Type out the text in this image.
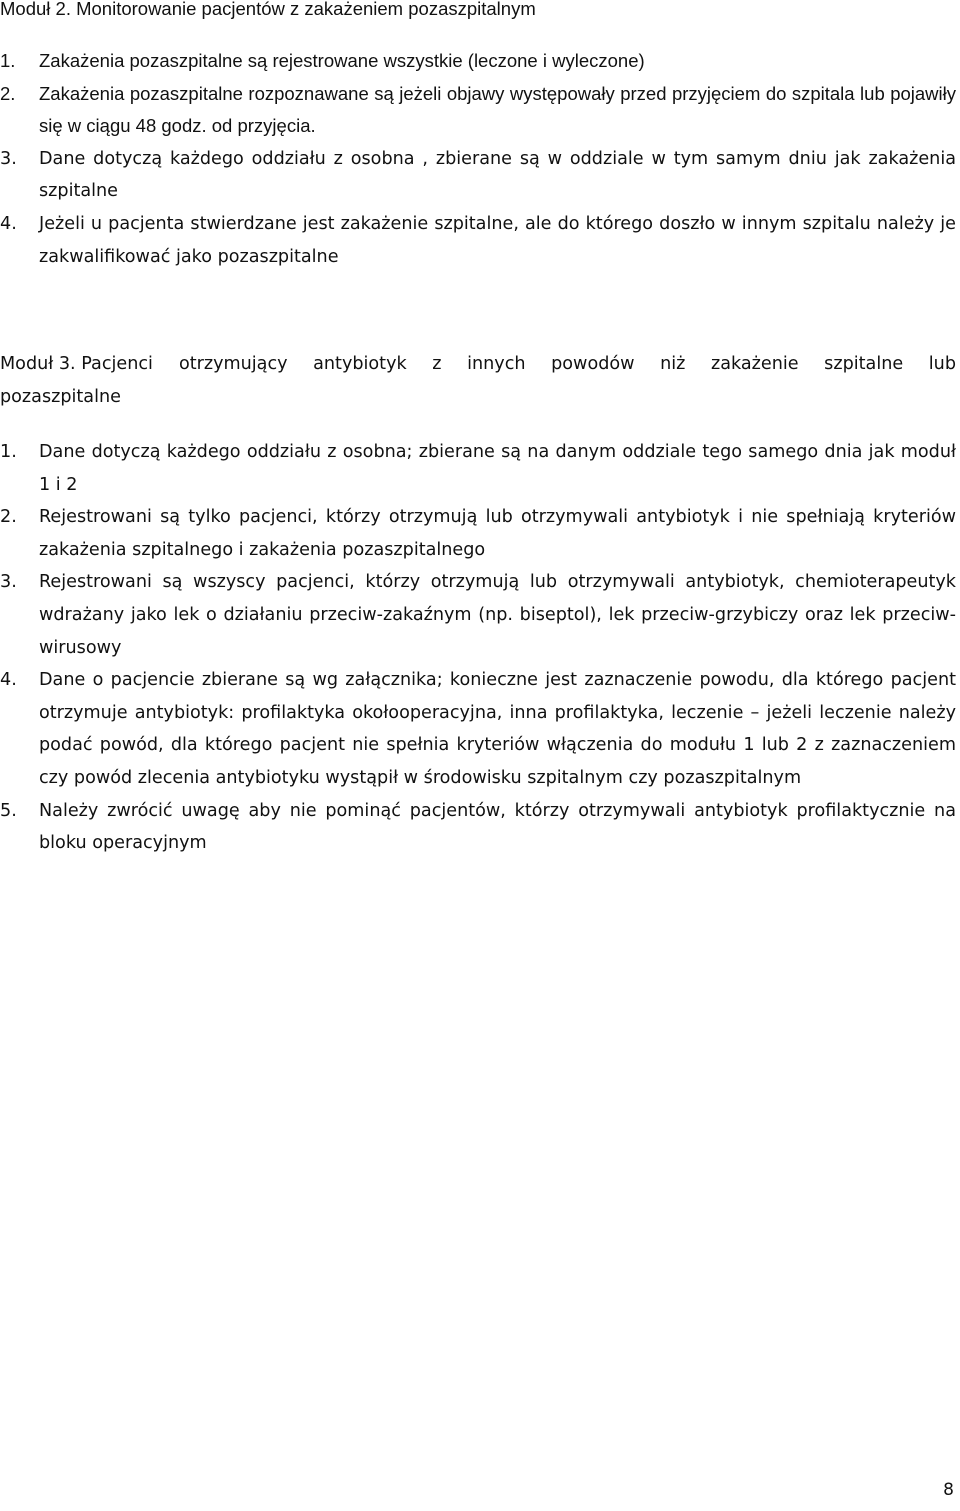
Moduł 2. Monitorowanie pacjentów z zakażeniem pozaszpitalnym
1. Zakażenia pozaszpitalne są rejestrowane wszystkie (leczone i wyleczone)
2. Zakażenia pozaszpitalne rozpoznawane są jeżeli objawy występowały przed przyjęciem do szpitala lub pojawiły się w ciągu 48 godz. od przyjęcia.
3. Dane dotyczą każdego oddziału z osobna , zbierane są w oddziale w tym samym dniu jak zakażenia szpitalne
4. Jeżeli u pacjenta stwierdzane jest zakażenie szpitalne, ale do którego doszło w innym szpitalu należy je zakwalifikować jako pozaszpitalne
Moduł 3. Pacjenci otrzymujący antybiotyk z innych powodów niż zakażenie szpitalne lub
pozaszpitalne
1. Dane dotyczą każdego oddziału z osobna; zbierane są na danym oddziale tego samego dnia jak moduł 1 i 2
2. Rejestrowani są tylko pacjenci, którzy otrzymują lub otrzymywali antybiotyk i nie spełniają kryteriów zakażenia szpitalnego i zakażenia pozaszpitalnego
3. Rejestrowani są wszyscy pacjenci, którzy otrzymują lub otrzymywali antybiotyk, chemioterapeutyk wdrażany jako lek o działaniu przeciw-zakaźnym (np. biseptol), lek przeciw-grzybiczy oraz lek przeciw-wirusowy
4. Dane o pacjencie zbierane są wg załącznika; konieczne jest zaznaczenie powodu, dla którego pacjent otrzymuje antybiotyk: profilaktyka okołooperacyjna, inna profilaktyka, leczenie – jeżeli leczenie należy podać powód, dla którego pacjent nie spełnia kryteriów włączenia do modułu 1 lub 2 z zaznaczeniem czy powód zlecenia antybiotyku wystąpił w środowisku szpitalnym czy pozaszpitalnym
5. Należy zwrócić uwagę aby nie pominąć pacjentów, którzy otrzymywali antybiotyk profilaktycznie na bloku operacyjnym
8
